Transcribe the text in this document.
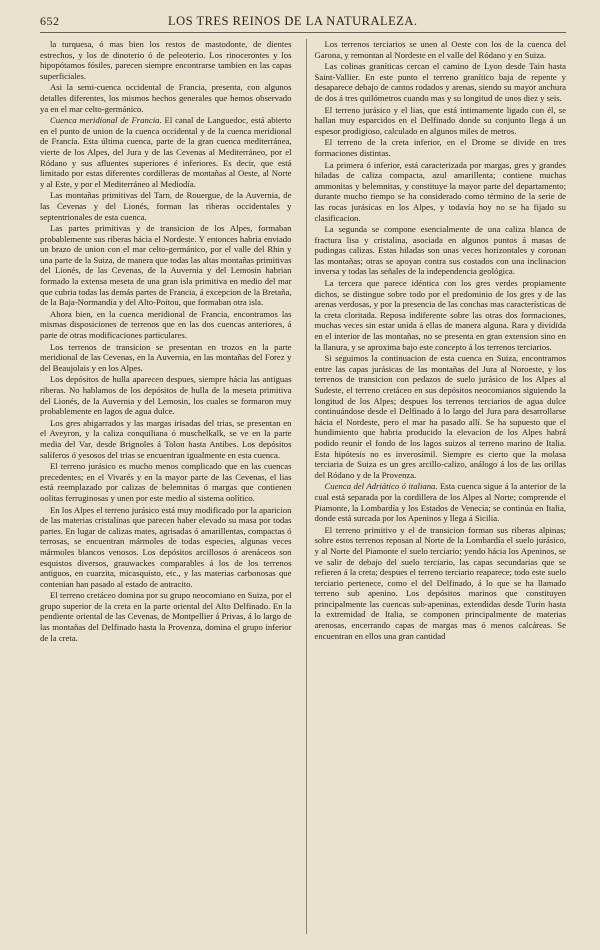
652	LOS TRES REINOS DE LA NATURALEZA.

la turquesa, ó mas bien los restos de mastodonte, de dientes estrechos, y los de dinoterio ó de peleoterio. Los rinocerontes y los hipopótamos fósiles, parecen siempre encontrarse tambien en las capas superficiales.

Asi la semi-cuenca occidental de Francia, presenta, con algunos detalles diferentes, los mismos hechos generales que hemos observado ya en el mar celto-germánico.

Cuenca meridional de Francia. El canal de Languedoc, está abierto en el punto de union de la cuenca occidental y de la cuenca meridional de Francia. Esta última cuenca, parte de la gran cuenca mediterránea, vierte de los Alpes, del Jura y de las Cevenas al Mediterráneo, por el Ródano y sus afluentes superiores é inferiores. Es decir, que está limitado por estas diferentes cordilleras de montañas al Oeste, al Norte y al Este, y por el Mediterráneo al Mediodía.

Las montañas primitivas del Tarn, de Rouergue, de la Auvernia, de las Cevenas y del Lionés, forman las riberas occidentales y septentrionales de esta cuenca.

Las partes primitivas y de transicion de los Alpes, formaban probablemente sus riberas hácia el Nordeste. Y entonces habria enviado un brazo de union con el mar celto-germánico, por el valle del Rhin y una parte de la Suiza, de manera que todas las altas montañas primitivas del Lionés, de las Cevenas, de la Auvernia y del Lemosin habrian formado la extensa meseta de una gran isla primitiva en medio del mar que cubria todas las demás partes de Francia, á excepcion de la Bretaña, de la Baja-Normandía y del Alto-Poitou, que formaban otra isla.

Ahora bien, en la cuenca meridional de Francia, encontramos las mismas disposiciones de terrenos que en las dos cuencas anteriores, á parte de otras modificaciones particulares.

Los terrenos de transicion se presentan en trozos en la parte meridional de las Cevenas, en la Auvernia, en las montañas del Forez y del Beaujolais y en los Alpes.

Los depósitos de hulla aparecen despues, siempre hácia las antiguas riberas. No hablamos de los depósitos de hulla de la meseta primitiva del Lionés, de la Auvernia y del Lemosin, los cuales se formaron muy probablemente en lagos de agua dulce.

Los gres abigarrados y las margas irisadas del trias, se presentan en el Aveyron, y la caliza conquiliana ó muschelkalk, se ve en la parte media del Var, desde Brignoles á Tolon hasta Antibes. Los depósitos salíferos ó yesosos del trias se encuentran igualmente en esta cuenca.

El terreno jurásico es mucho menos complicado que en las cuencas precedentes; en el Vivarés y en la mayor parte de las Cevenas, el lias está reemplazado por calizas de belemnitas ó margas que contienen oolitas ferruginosas y unen por este medio al sistema oolítico.

En los Alpes el terreno jurásico está muy modificado por la aparicion de las materias cristalinas que parecen haber elevado su masa por todas partes. En lugar de calizas mates, agrisadas ó amarillentas, compactas ó terrosas, se encuentran mármoles de todas especies, algunas veces mármoles blancos venosos. Los depósitos arcillosos ó arenáceos son esquistos diversos, grauwackes comparables á los de los terrenos antiguos, en cuarzita, micasquisto, etc., y las materias carbonosas que contenian han pasado al estado de antracito.

El terreno cretáceo domina por su grupo neocomiano en Suiza, por el grupo superior de la creta en la parte oriental del Alto Delfinado. En la pendiente oriental de las Cevenas, de Montpellier á Privas, á lo largo de las montañas del Delfinado hasta la Provenza, domina el grupo inferior de la creta.

Los terrenos terciarios se unen al Oeste con los de la cuenca del Garona, y remontan al Nordeste en el valle del Ródano y en Suiza.

Las colinas graníticas cercan el camino de Lyon desde Tain hasta Saint-Vallier. En este punto el terreno granítico baja de repente y desaparece debajo de cantos rodados y arenas, siendo su mayor anchura de dos á tres quilómetros cuando mas y su longitud de unos diez y seis.

El terreno jurásico y el lias, que está íntimamente ligado con él, se hallan muy esparcidos en el Delfinado donde su conjunto llega á un espesor prodigioso, calculado en algunos miles de metros.

El terreno de la creta inferior, en el Drome se divide en tres formaciones distintas.

La primera ó inferior, está caracterizada por margas, gres y grandes hiladas de caliza compacta, azul amarillenta; contiene muchas ammonitas y belemnitas, y constituye la mayor parte del departamento; durante mucho tiempo se ha considerado como término de la serie de las rocas jurásicas en los Alpes, y todavía hoy no se ha fijado su clasificacion.

La segunda se compone esencialmente de una caliza blanca de fractura lisa y cristalina, asociada en algunos puntos á masas de pudingas calizas. Estas hiladas son unas veces horizontales y coronan las montañas; otras se apoyan contra sus costados con una inclinacion inversa y todas las señales de la independencia geológica.

La tercera que parece idéntica con los gres verdes propiamente dichos, se distingue sobre todo por el predominio de los gres y de las arenas verdosas, y por la presencia de las conchas mas características de la creta cloritada. Reposa indiferente sobre las otras dos formaciones, muchas veces sin estar unida á ellas de manera alguna. Rara y dividida en el interior de las montañas, no se presenta en gran extension sino en la llanura, y se aproxima bajo este concepto á los terrenos terciarios.

Si seguimos la continuacion de esta cuenca en Suiza, encontramos entre las capas jurásicas de las montañas del Jura al Noroeste, y los terrenos de transicion con pedazos de suelo jurásico de los Alpes al Sudeste, el terreno cretáceo en sus depósitos neocomianos siguiendo la longitud de los Alpes; despues los terrenos terciarios de agua dulce continuándose desde el Delfinado á lo largo del Jura para desarrollarse hácia el Nordeste, pero el mar ha pasado allí. Se ha supuesto que el hundimiento que habria producido la elevacion de los Alpes habrá podido reunir el fondo de los lagos suizos al terreno marino de Italia. Esta hipótesis no es inverosímil. Siempre es cierto que la molasa terciaria de Suiza es un gres arcillo-calizo, análogo á los de las orillas del Ródano y de la Provenza.

Cuenca del Adriático ó italiana. Esta cuenca sigue á la anterior de la cual está separada por la cordillera de los Alpes al Norte; comprende el Piamonte, la Lombardía y los Estados de Venecia; se continúa en Italia, donde está surcada por los Apeninos y llega á Sicilia.

El terreno primitivo y el de transicion forman sus riberas alpinas; sobre estos terrenos reposan al Norte de la Lombardía el suelo jurásico, y al Norte del Piamonte el suelo terciario; yendo hácia los Apeninos, se ve salir de debajo del suelo terciario, las capas secundarias que se refieren á la creta; despues el terreno terciario reaparece; todo este suelo terciario pertenece, como el del Delfinado, á lo que se ha llamado terreno sub apenino. Los depósitos marinos que constituyen principalmente las cuencas sub-apeninas, extendidas desde Turin hasta la extremidad de Italia, se componen principalmente de materias arenosas, encerrando capas de margas mas ó menos calcáreas. Se encuentran en ellos una gran cantidad
